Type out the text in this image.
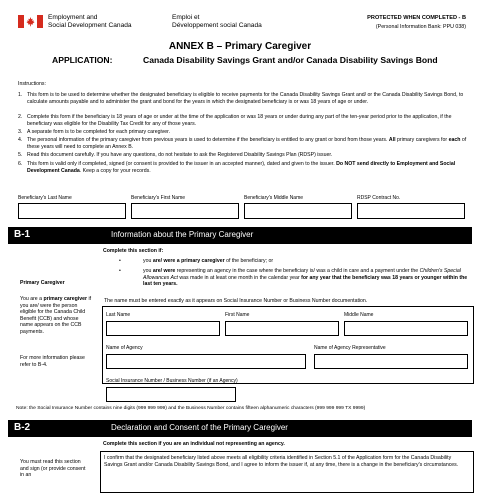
Employment and
Social Development Canada
Emploi et
Développement social Canada
PROTECTED WHEN COMPLETED - B
(Personal Information Bank: PPU 038)
ANNEX B – Primary Caregiver
APPLICATION:	Canada Disability Savings Grant and/or Canada Disability Savings Bond
Instructions:
1. This form is to be used to determine whether the designated beneficiary is eligible to receive payments for the Canada Disability Savings Grant and/ or the Canada Disability Savings Bond, to calculate amounts payable and to administer the grant and bond for the years in which the designated beneficiary is or was 18 years of age or under.
2. Complete this form if the beneficiary is 18 years of age or under at the time of the application or was 18 years or under during any part of the ten-year period prior to the application, if the beneficiary was eligible for the Disability Tax Credit for any of those years.
3. A separate form is to be completed for each primary caregiver.
4. The personal information of the primary caregiver from previous years is used to determine if the beneficiary is entitled to any grant or bond from those years. All primary caregivers for each of these years will need to complete an Annex B.
5. Read this document carefully. If you have any questions, do not hesitate to ask the Registered Disability Savings Plan (RDSP) issuer.
6. This form is valid only if completed, signed (or consent is provided to the issuer in an accepted manner), dated and given to the issuer. Do NOT send directly to Employment and Social Development Canada. Keep a copy for your records.
Beneficiary's Last Name	Beneficiary's First Name	Beneficiary's Middle Name	RDSP Contract No.
B-1	Information about the Primary Caregiver
Complete this section if:
•	you are/ were a primary caregiver of the beneficiary; or
•	you are/ were representing an agency in the case where the beneficiary is/ was a child in care and a payment under the Children's Special Allowances Act was made in at least one month in the calendar year for any year that the beneficiary was 18 years or younger within the last ten years.
Primary Caregiver
You are a primary caregiver if you are/ were the person eligible for the Canada Child Benefit (CCB) and whose name appears on the CCB payments.
For more information please refer to B-4.
The name must be entered exactly as it appears on Social Insurance Number or Business Number documentation.
Last Name	First Name	Middle Name
Name of Agency	Name of Agency Representative
Social Insurance Number / Business Number (if an Agency)
Note: the Social Insurance Number contains nine digits (999 999 999) and the Business Number contains fifteen alphanumeric characters (999 999 999 TX 9999)
B-2	Declaration and Consent of the Primary Caregiver
Complete this section if you are an individual not representing an agency.
You must read this section and sign (or provide consent in an
I confirm that the designated beneficiary listed above meets all eligibility criteria identified in Section 5.1 of the Application form for the Canada Disability Savings Grant and/or Canada Disability Savings Bond, and I agree to inform the issuer if, at any time, there is a change in the beneficiary's circumstances.
